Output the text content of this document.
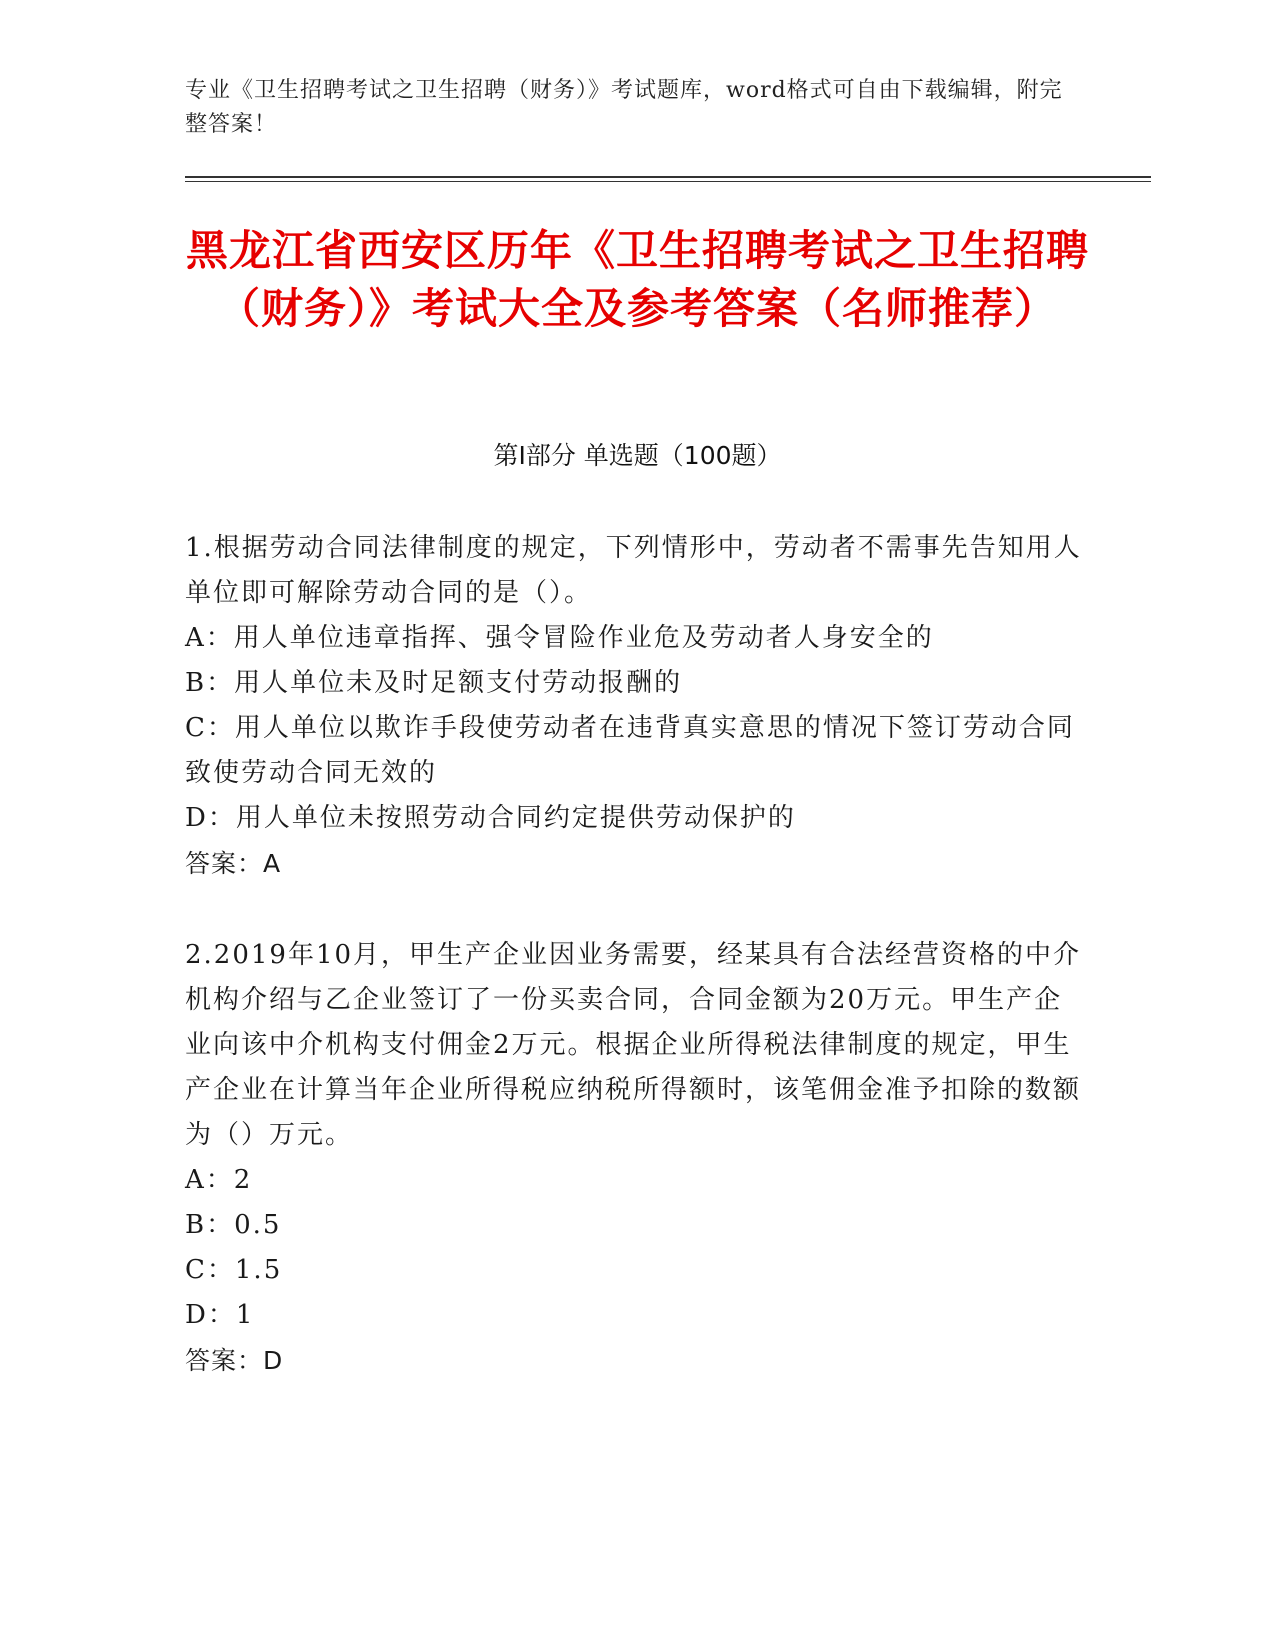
专业《卫生招聘考试之卫生招聘（财务）》考试题库，word格式可自由下载编辑，附完整答案！
黑龙江省西安区历年《卫生招聘考试之卫生招聘（财务）》考试大全及参考答案（名师推荐）
第I部分 单选题（100题）

1.根据劳动合同法律制度的规定，下列情形中，劳动者不需事先告知用人单位即可解除劳动合同的是（）。

A：用人单位违章指挥、强令冒险作业危及劳动者人身安全的

B：用人单位未及时足额支付劳动报酬的

C：用人单位以欺诈手段使劳动者在违背真实意思的情况下签订劳动合同致使劳动合同无效的

D：用人单位未按照劳动合同约定提供劳动保护的

答案：A

2.2019年10月，甲生产企业因业务需要，经某具有合法经营资格的中介机构介绍与乙企业签订了一份买卖合同，合同金额为20万元。甲生产企业向该中介机构支付佣金2万元。根据企业所得税法律制度的规定，甲生产企业在计算当年企业所得税应纳税所得额时，该笔佣金准予扣除的数额为（）万元。

A：2

B：0.5

C：1.5

D：1

答案：D
